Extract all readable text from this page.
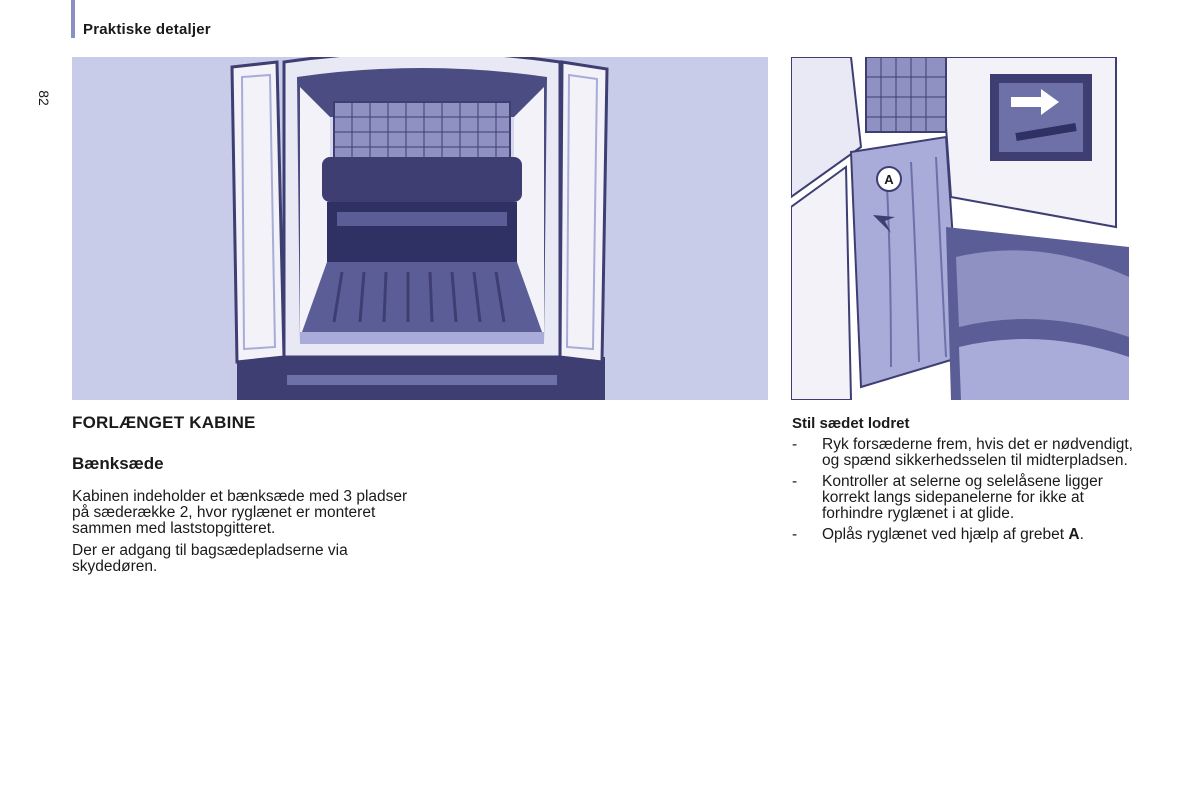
Praktiske detaljer
82
A
FORLÆNGET KABINE
Bænksæde

Kabinen indeholder et bænksæde med 3 pladser på sæderække 2, hvor ryglænet er monteret sammen med laststopgitteret.

Der er adgang til bagsædepladserne via skydedøren.

Stil sædet lodret

- Ryk forsæderne frem, hvis det er nødvendigt, og spænd sikkerhedsselen til midterpladsen.

- Kontroller at selerne og selelåsene ligger korrekt langs sidepanelerne for ikke at forhindre ryglænet i at glide.

- Oplås ryglænet ved hjælp af grebet A.
